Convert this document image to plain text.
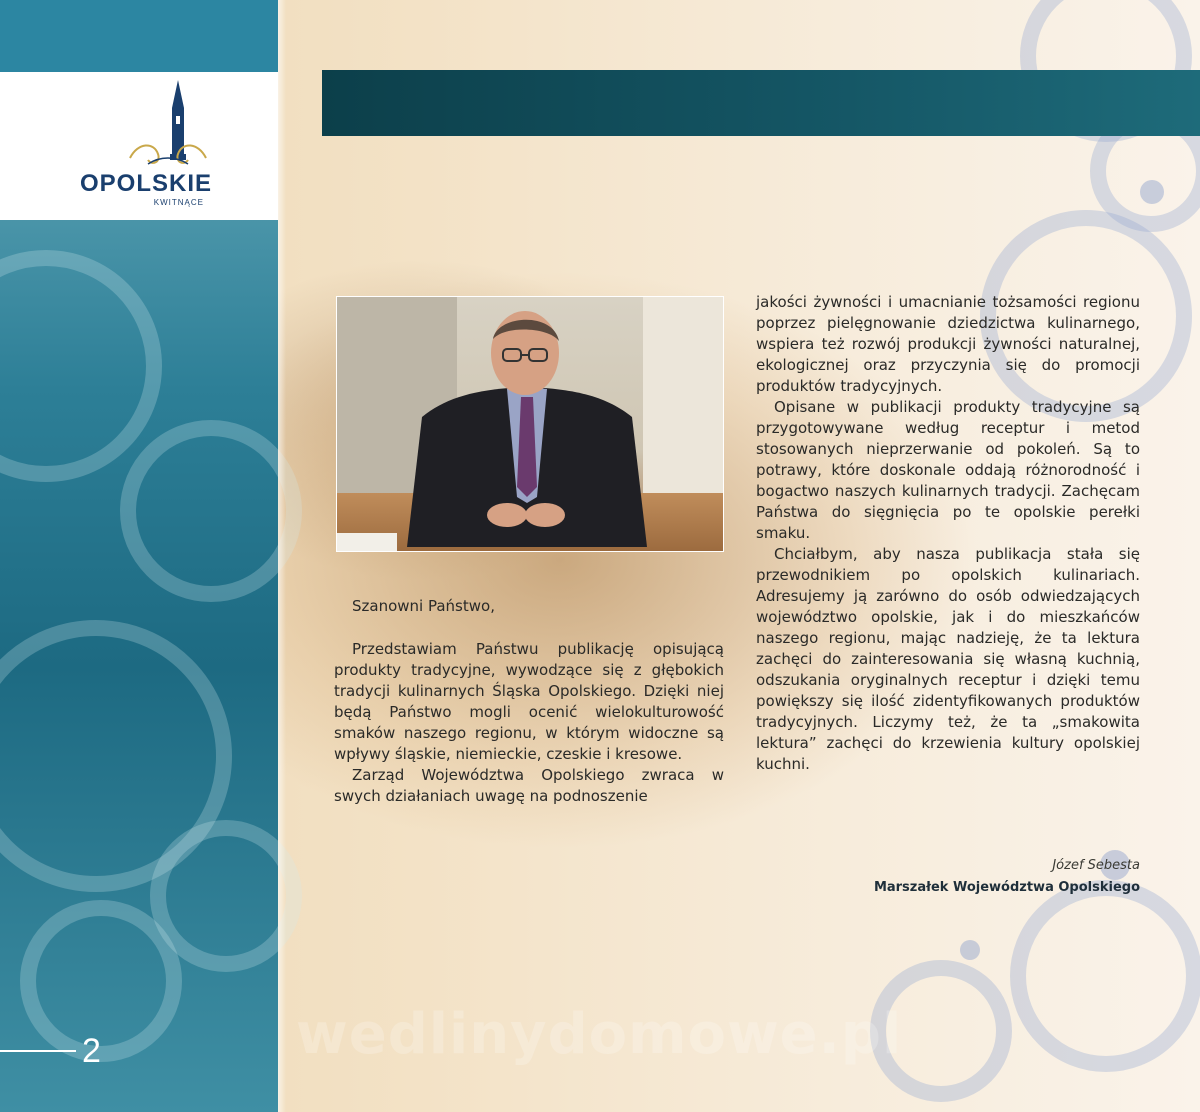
OPOLSKIE
KWITNĄCE

Szanowni Państwo,

Przedstawiam Państwu publikację opisującą produkty tradycyjne, wywodzące się z głębokich tradycji kulinarnych Śląska Opolskiego. Dzięki niej będą Państwo mogli ocenić wielokulturowość smaków naszego regionu, w którym widoczne są wpływy śląskie, niemieckie, czeskie i kresowe.

Zarząd Województwa Opolskiego zwraca w swych działaniach uwagę na podnoszenie

jakości żywności i umacnianie tożsamości regionu poprzez pielęgnowanie dziedzictwa kulinarnego, wspiera też rozwój produkcji żywności naturalnej, ekologicznej oraz przyczynia się do promocji produktów tradycyjnych.

Opisane w publikacji produkty tradycyjne są przygotowywane według receptur i metod stosowanych nieprzerwanie od pokoleń. Są to potrawy, które doskonale oddają różnorodność i bogactwo naszych kulinarnych tradycji. Zachęcam Państwa do sięgnięcia po te opolskie perełki smaku.

Chciałbym, aby nasza publikacja stała się przewodnikiem po opolskich kulinariach. Adresujemy ją zarówno do osób odwiedzających województwo opolskie, jak i do mieszkańców naszego regionu, mając nadzieję, że ta lektura zachęci do zainteresowania się własną kuchnią, odszukania oryginalnych receptur i dzięki temu powiększy się ilość zidentyfikowanych produktów tradycyjnych. Liczymy też, że ta „smakowita lektura” zachęci do krzewienia kultury opolskiej kuchni.

Józef Sebesta
Marszałek Województwa Opolskiego
wedlinydomowe.pl
2
